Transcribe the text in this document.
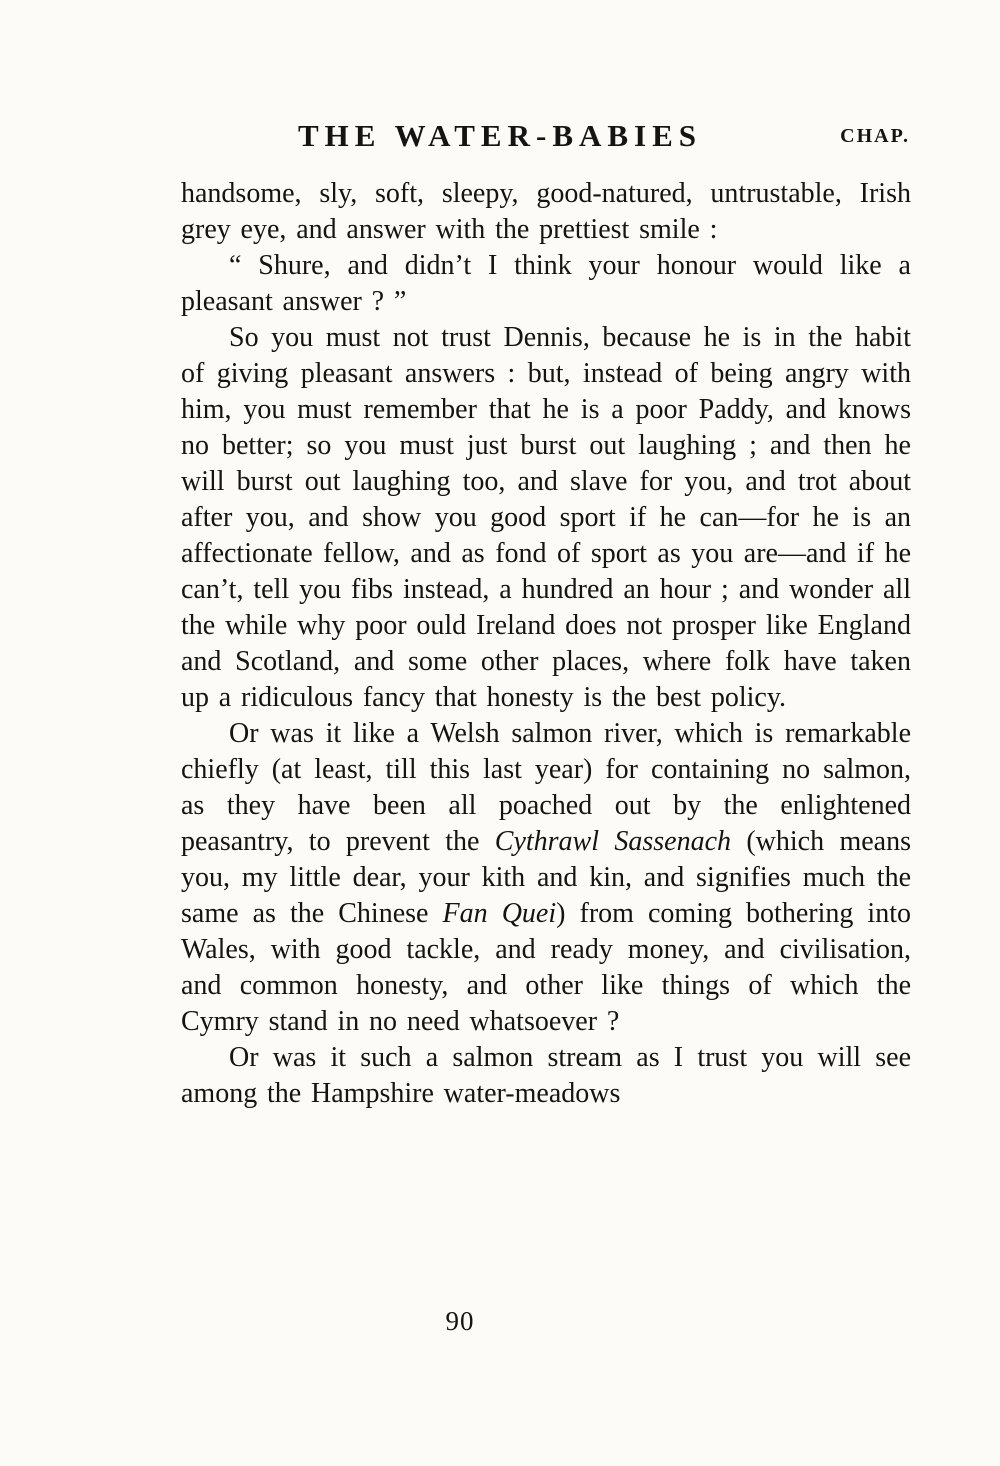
THE WATER-BABIES	CHAP.

handsome, sly, soft, sleepy, good-natured, untrustable, Irish grey eye, and answer with the prettiest smile :

“ Shure, and didn’t I think your honour would like a pleasant answer ? ”

So you must not trust Dennis, because he is in the habit of giving pleasant answers : but, instead of being angry with him, you must remember that he is a poor Paddy, and knows no better; so you must just burst out laughing ; and then he will burst out laughing too, and slave for you, and trot about after you, and show you good sport if he can—for he is an affectionate fellow, and as fond of sport as you are—and if he can’t, tell you fibs instead, a hundred an hour ; and wonder all the while why poor ould Ireland does not prosper like England and Scotland, and some other places, where folk have taken up a ridiculous fancy that honesty is the best policy.

Or was it like a Welsh salmon river, which is remarkable chiefly (at least, till this last year) for containing no salmon, as they have been all poached out by the enlightened peasantry, to prevent the Cythrawl Sassenach (which means you, my little dear, your kith and kin, and signifies much the same as the Chinese Fan Quei) from coming bothering into Wales, with good tackle, and ready money, and civilisation, and common honesty, and other like things of which the Cymry stand in no need whatsoever ?

Or was it such a salmon stream as I trust you will see among the Hampshire water-meadows

90
